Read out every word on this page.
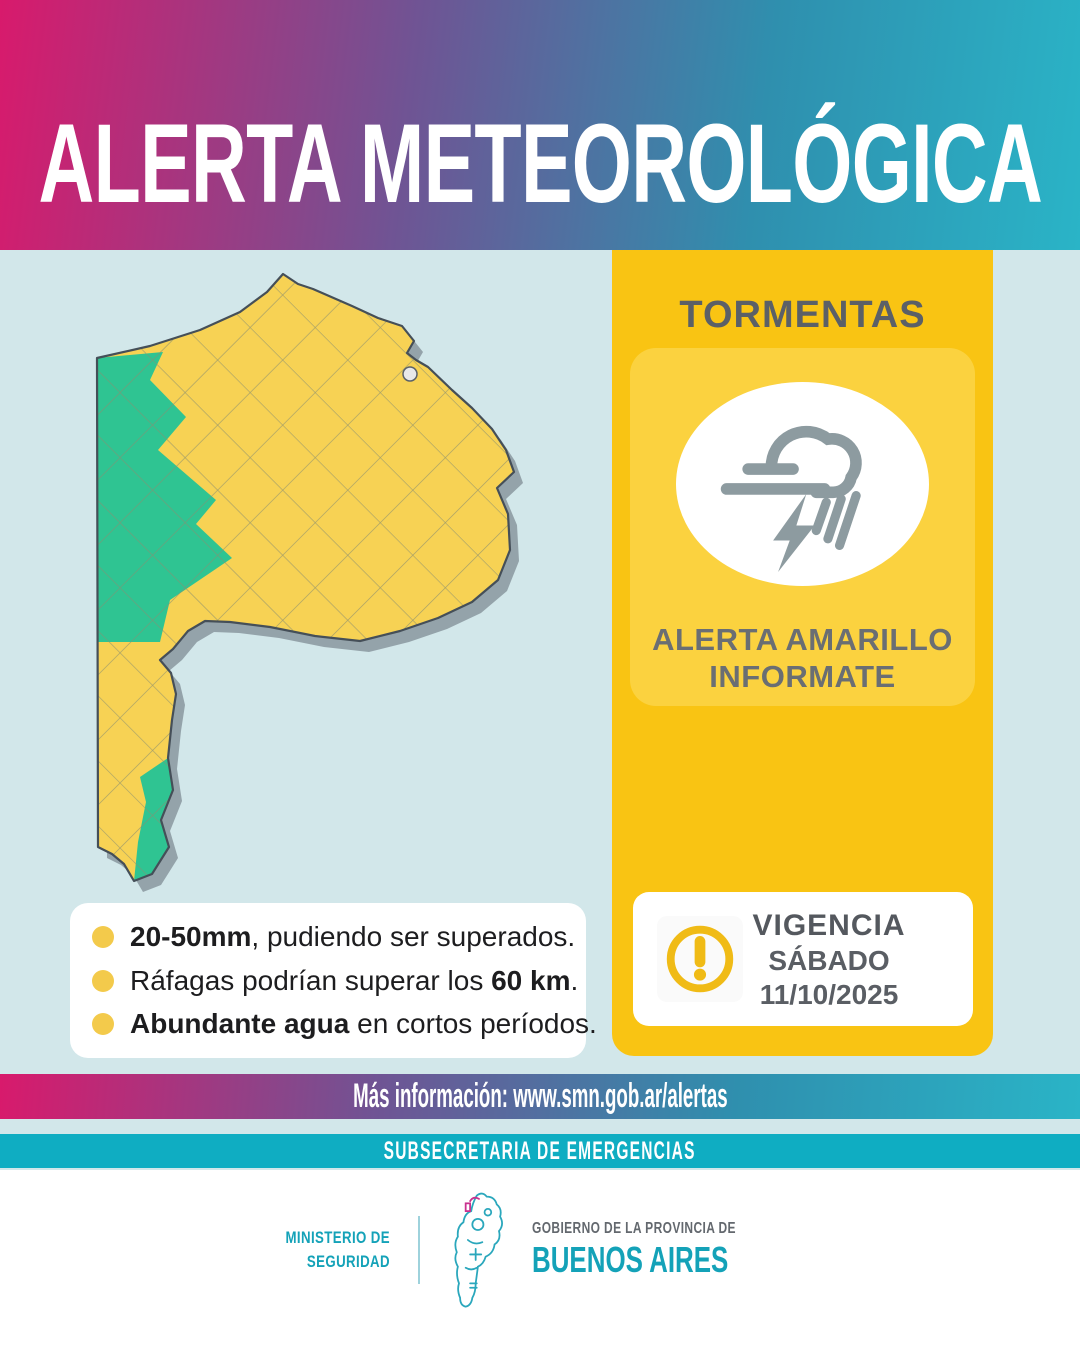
ALERTA METEOROLÓGICA
TORMENTAS
ALERTA AMARILLO
INFORMATE
VIGENCIA
SÁBADO
11/10/2025
20-50mm, pudiendo ser superados.
Ráfagas podrían superar los 60 km.
Abundante agua en cortos períodos.
Más información: www.smn.gob.ar/alertas
SUBSECRETARIA DE EMERGENCIAS
MINISTERIO DE
SEGURIDAD
GOBIERNO DE LA PROVINCIA DE
BUENOS AIRES
